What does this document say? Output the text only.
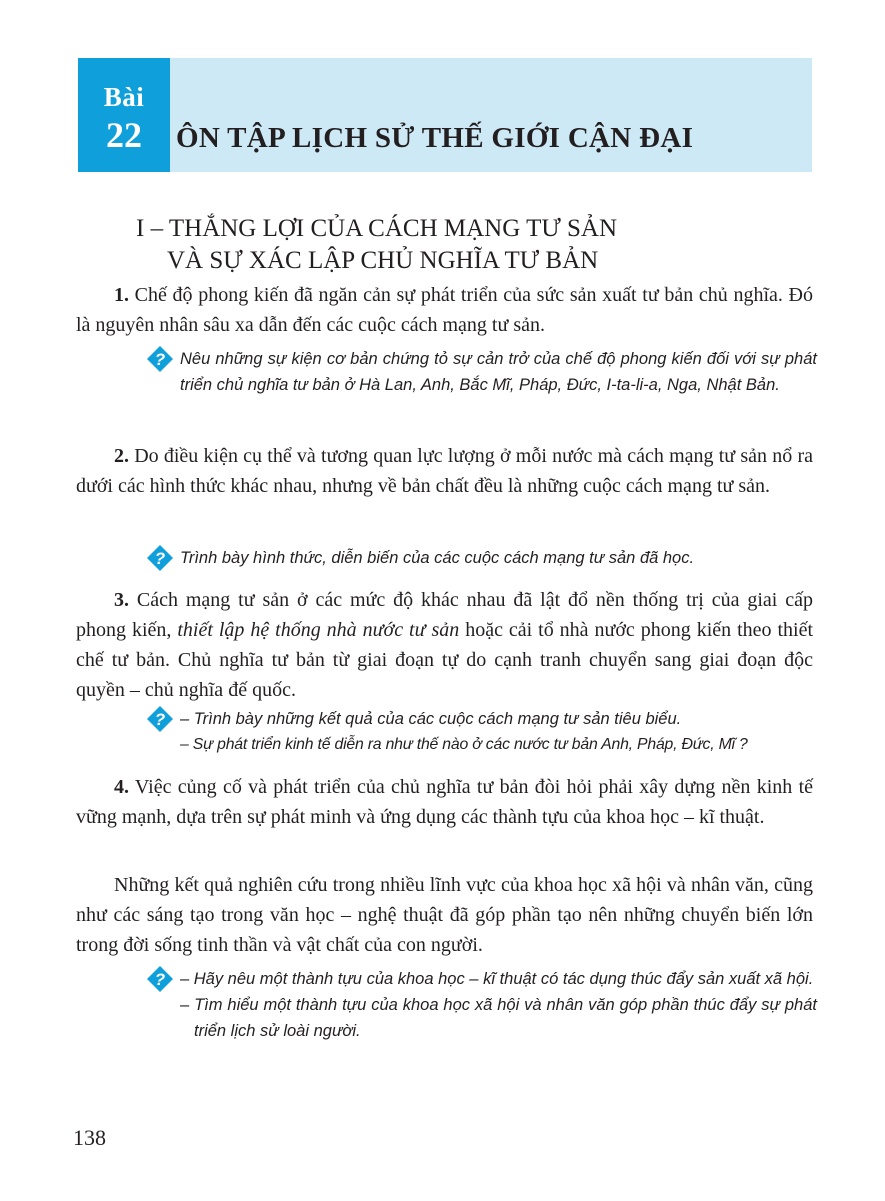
Bài
22	ÔN TẬP LỊCH SỬ THẾ GIỚI CẬN ĐẠI
I – THẮNG LỢI CỦA CÁCH MẠNG TƯ SẢN
VÀ SỰ XÁC LẬP CHỦ NGHĨA TƯ BẢN

1. Chế độ phong kiến đã ngăn cản sự phát triển của sức sản xuất tư bản chủ nghĩa. Đó là nguyên nhân sâu xa dẫn đến các cuộc cách mạng tư sản.

? Nêu những sự kiện cơ bản chứng tỏ sự cản trở của chế độ phong kiến đối với sự phát triển chủ nghĩa tư bản ở Hà Lan, Anh, Bắc Mĩ, Pháp, Đức, I-ta-li-a, Nga, Nhật Bản.

2. Do điều kiện cụ thể và tương quan lực lượng ở mỗi nước mà cách mạng tư sản nổ ra dưới các hình thức khác nhau, nhưng về bản chất đều là những cuộc cách mạng tư sản.

? Trình bày hình thức, diễn biến của các cuộc cách mạng tư sản đã học.

3. Cách mạng tư sản ở các mức độ khác nhau đã lật đổ nền thống trị của giai cấp phong kiến, thiết lập hệ thống nhà nước tư sản hoặc cải tổ nhà nước phong kiến theo thiết chế tư bản. Chủ nghĩa tư bản từ giai đoạn tự do cạnh tranh chuyển sang giai đoạn độc quyền – chủ nghĩa đế quốc.

? – Trình bày những kết quả của các cuộc cách mạng tư sản tiêu biểu.
– Sự phát triển kinh tế diễn ra như thế nào ở các nước tư bản Anh, Pháp, Đức, Mĩ ?

4. Việc củng cố và phát triển của chủ nghĩa tư bản đòi hỏi phải xây dựng nền kinh tế vững mạnh, dựa trên sự phát minh và ứng dụng các thành tựu của khoa học – kĩ thuật.

Những kết quả nghiên cứu trong nhiều lĩnh vực của khoa học xã hội và nhân văn, cũng như các sáng tạo trong văn học – nghệ thuật đã góp phần tạo nên những chuyển biến lớn trong đời sống tinh thần và vật chất của con người.

? – Hãy nêu một thành tựu của khoa học – kĩ thuật có tác dụng thúc đẩy sản xuất xã hội.
– Tìm hiểu một thành tựu của khoa học xã hội và nhân văn góp phần thúc đẩy sự phát triển lịch sử loài người.
138
